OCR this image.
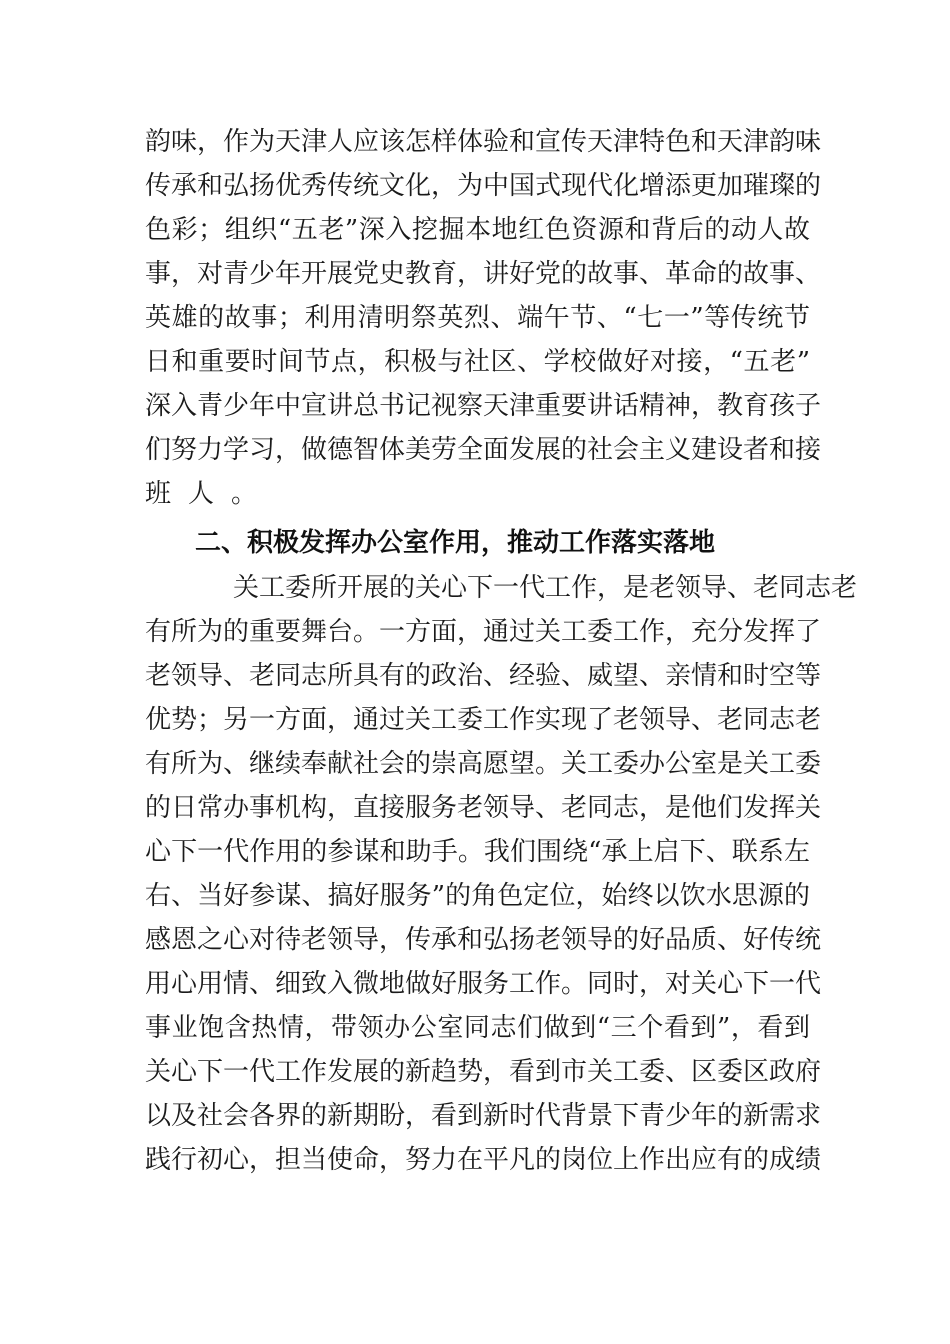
韵味，作为天津人应该怎样体验和宣传天津特色和天津韵味
传承和弘扬优秀传统文化，为中国式现代化增添更加璀璨的
色彩；组织“五老”深入挖掘本地红色资源和背后的动人故
事，对青少年开展党史教育，讲好党的故事、革命的故事、
英雄的故事；利用清明祭英烈、端午节、“七一”等传统节
日和重要时间节点，积极与社区、学校做好对接，“五老”
深入青少年中宣讲总书记视察天津重要讲话精神，教育孩子
们努力学习，做德智体美劳全面发展的社会主义建设者和接
班人。
二、积极发挥办公室作用，推动工作落实落地
关工委所开展的关心下一代工作，是老领导、老同志老
有所为的重要舞台。一方面，通过关工委工作，充分发挥了
老领导、老同志所具有的政治、经验、威望、亲情和时空等
优势；另一方面，通过关工委工作实现了老领导、老同志老
有所为、继续奉献社会的崇高愿望。关工委办公室是关工委
的日常办事机构，直接服务老领导、老同志，是他们发挥关
心下一代作用的参谋和助手。我们围绕“承上启下、联系左
右、当好参谋、搞好服务”的角色定位，始终以饮水思源的
感恩之心对待老领导，传承和弘扬老领导的好品质、好传统
用心用情、细致入微地做好服务工作。同时，对关心下一代
事业饱含热情，带领办公室同志们做到“三个看到”，看到
关心下一代工作发展的新趋势，看到市关工委、区委区政府
以及社会各界的新期盼，看到新时代背景下青少年的新需求
践行初心，担当使命，努力在平凡的岗位上作出应有的成绩
